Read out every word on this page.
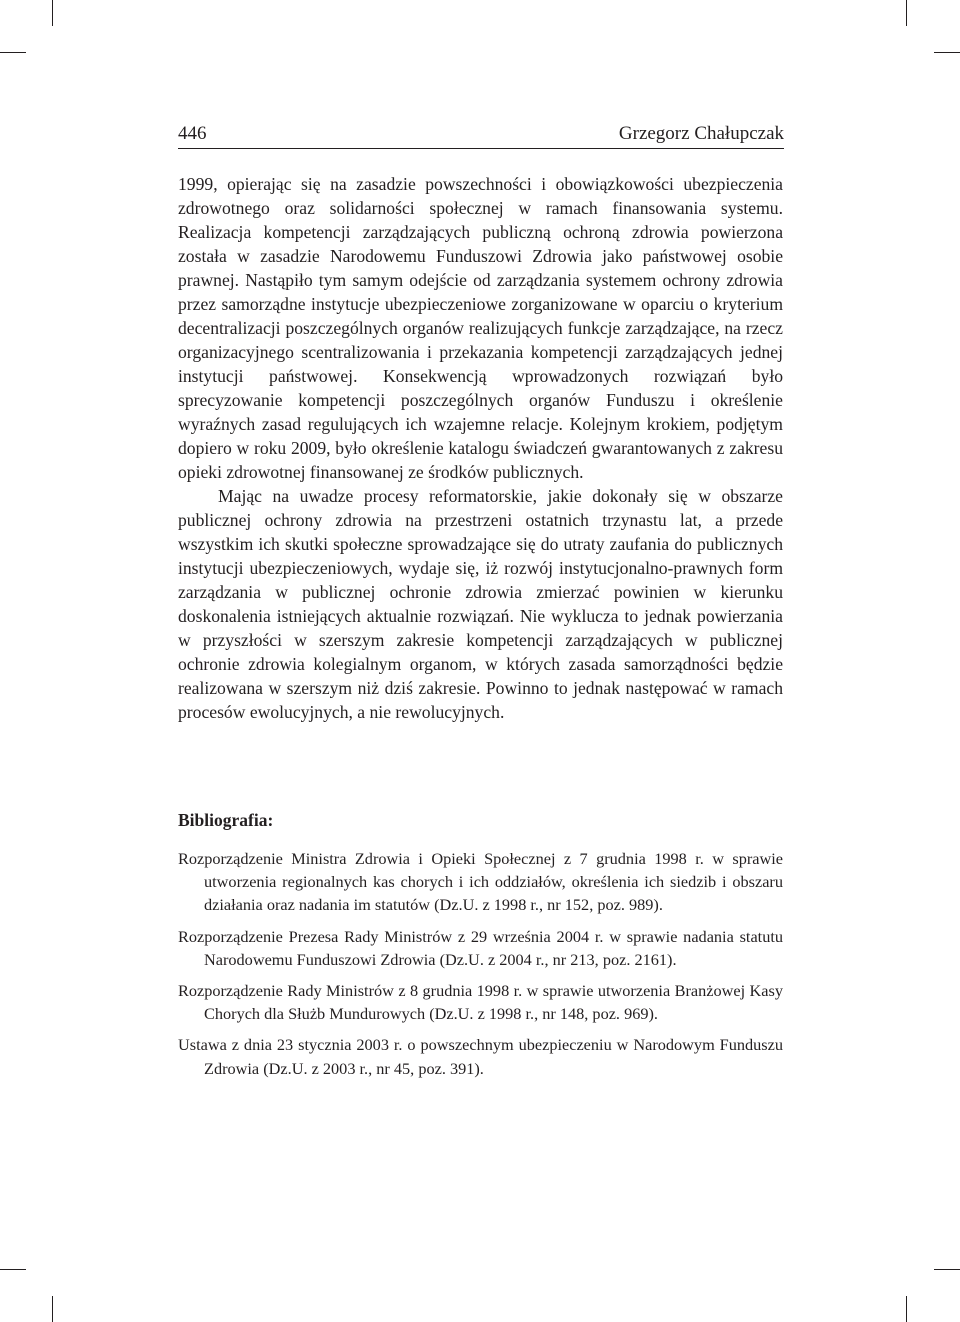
446	Grzegorz Chałupczak

1999, opierając się na zasadzie powszechności i obowiązkowości ubezpieczenia zdrowotnego oraz solidarności społecznej w ramach finansowania systemu. Realizacja kompetencji zarządzających publiczną ochroną zdrowia powierzona została w zasadzie Narodowemu Funduszowi Zdrowia jako państwowej osobie prawnej. Nastąpiło tym samym odejście od zarządzania systemem ochrony zdrowia przez samorządne instytucje ubezpieczeniowe zorganizowane w oparciu o kryterium decentralizacji poszczególnych organów realizujących funkcje zarządzające, na rzecz organizacyjnego scentralizowania i przekazania kompetencji zarządzających jednej instytucji państwowej. Konsekwencją wprowadzonych rozwiązań było sprecyzowanie kompetencji poszczególnych organów Funduszu i określenie wyraźnych zasad regulujących ich wzajemne relacje. Kolejnym krokiem, podjętym dopiero w roku 2009, było określenie katalogu świadczeń gwarantowanych z zakresu opieki zdrowotnej finansowanej ze środków publicznych.

Mając na uwadze procesy reformatorskie, jakie dokonały się w obszarze publicznej ochrony zdrowia na przestrzeni ostatnich trzynastu lat, a przede wszystkim ich skutki społeczne sprowadzające się do utraty zaufania do publicznych instytucji ubezpieczeniowych, wydaje się, iż rozwój instytucjonalno-prawnych form zarządzania w publicznej ochronie zdrowia zmierzać powinien w kierunku doskonalenia istniejących aktualnie rozwiązań. Nie wyklucza to jednak powierzania w przyszłości w szerszym zakresie kompetencji zarządzających w publicznej ochronie zdrowia kolegialnym organom, w których zasada samorządności będzie realizowana w szerszym niż dziś zakresie. Powinno to jednak następować w ramach procesów ewolucyjnych, a nie rewolucyjnych.

Bibliografia:
Rozporządzenie Ministra Zdrowia i Opieki Społecznej z 7 grudnia 1998 r. w sprawie utworzenia regionalnych kas chorych i ich oddziałów, określenia ich siedzib i obszaru działania oraz nadania im statutów (Dz.U. z 1998 r., nr 152, poz. 989).
Rozporządzenie Prezesa Rady Ministrów z 29 września 2004 r. w sprawie nadania statutu Narodowemu Funduszowi Zdrowia (Dz.U. z 2004 r., nr 213, poz. 2161).
Rozporządzenie Rady Ministrów z 8 grudnia 1998 r. w sprawie utworzenia Branżowej Kasy Chorych dla Służb Mundurowych (Dz.U. z 1998 r., nr 148, poz. 969).
Ustawa z dnia 23 stycznia 2003 r. o powszechnym ubezpieczeniu w Narodowym Funduszu Zdrowia (Dz.U. z 2003 r., nr 45, poz. 391).
